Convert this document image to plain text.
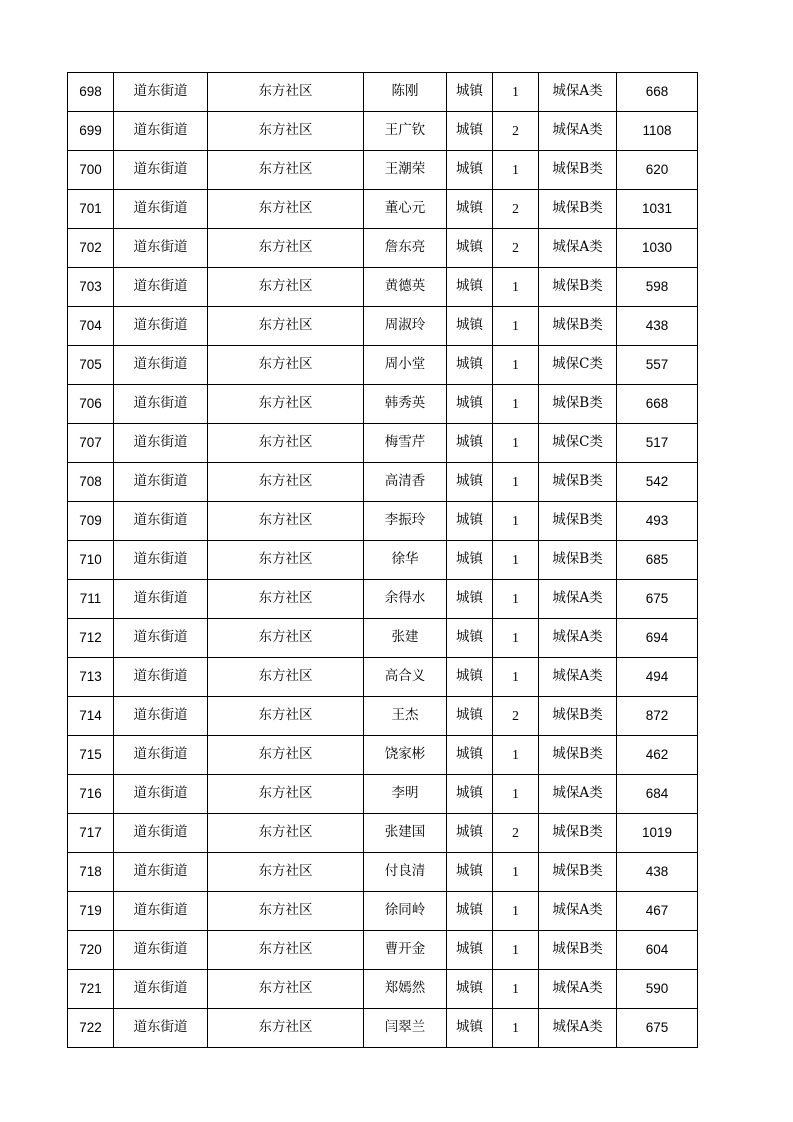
698	道东街道	东方社区	陈刚	城镇	1	城保A类	668
699	道东街道	东方社区	王广钦	城镇	2	城保A类	1108
700	道东街道	东方社区	王潮荣	城镇	1	城保B类	620
701	道东街道	东方社区	董心元	城镇	2	城保B类	1031
702	道东街道	东方社区	詹东亮	城镇	2	城保A类	1030
703	道东街道	东方社区	黄德英	城镇	1	城保B类	598
704	道东街道	东方社区	周淑玲	城镇	1	城保B类	438
705	道东街道	东方社区	周小堂	城镇	1	城保C类	557
706	道东街道	东方社区	韩秀英	城镇	1	城保B类	668
707	道东街道	东方社区	梅雪芹	城镇	1	城保C类	517
708	道东街道	东方社区	高清香	城镇	1	城保B类	542
709	道东街道	东方社区	李振玲	城镇	1	城保B类	493
710	道东街道	东方社区	徐华	城镇	1	城保B类	685
711	道东街道	东方社区	余得水	城镇	1	城保A类	675
712	道东街道	东方社区	张建	城镇	1	城保A类	694
713	道东街道	东方社区	高合义	城镇	1	城保A类	494
714	道东街道	东方社区	王杰	城镇	2	城保B类	872
715	道东街道	东方社区	饶家彬	城镇	1	城保B类	462
716	道东街道	东方社区	李明	城镇	1	城保A类	684
717	道东街道	东方社区	张建国	城镇	2	城保B类	1019
718	道东街道	东方社区	付良清	城镇	1	城保B类	438
719	道东街道	东方社区	徐同岭	城镇	1	城保A类	467
720	道东街道	东方社区	曹开金	城镇	1	城保B类	604
721	道东街道	东方社区	郑嫣然	城镇	1	城保A类	590
722	道东街道	东方社区	闫翠兰	城镇	1	城保A类	675
